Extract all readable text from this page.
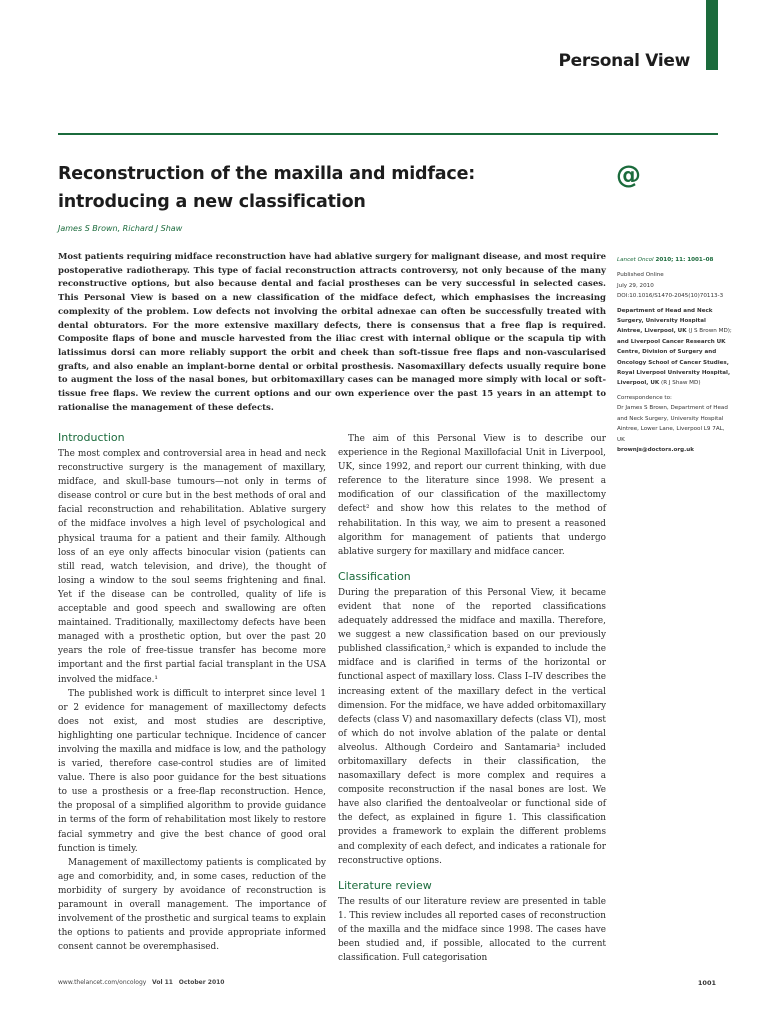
Personal View
Reconstruction of the maxilla and midface: introducing a new classification
@
James S Brown, Richard J Shaw
Most patients requiring midface reconstruction have had ablative surgery for malignant disease, and most require postoperative radiotherapy. This type of facial reconstruction attracts controversy, not only because of the many reconstructive options, but also because dental and facial prostheses can be very successful in selected cases. This Personal View is based on a new classification of the midface defect, which emphasises the increasing complexity of the problem. Low defects not involving the orbital adnexae can often be successfully treated with dental obturators. For the more extensive maxillary defects, there is consensus that a free flap is required. Composite flaps of bone and muscle harvested from the iliac crest with internal oblique or the scapula tip with latissimus dorsi can more reliably support the orbit and cheek than soft-tissue free flaps and non-vascularised grafts, and also enable an implant-borne dental or orbital prosthesis. Nasomaxillary defects usually require bone to augment the loss of the nasal bones, but orbitomaxillary cases can be managed more simply with local or soft-tissue free flaps. We review the current options and our own experience over the past 15 years in an attempt to rationalise the management of these defects.
Lancet Oncol 2010; 11: 1001–08

Published Online
July 29, 2010
DOI:10.1016/S1470-2045(10)70113-3

Department of Head and Neck Surgery, University Hospital Aintree, Liverpool, UK (J S Brown MD); and Liverpool Cancer Research UK Centre, Division of Surgery and Oncology School of Cancer Studies, Royal Liverpool University Hospital, Liverpool, UK (R J Shaw MD)

Correspondence to:
Dr James S Brown, Department of Head and Neck Surgery, University Hospital Aintree, Lower Lane, Liverpool L9 7AL, UK
brownjs@doctors.org.uk

Introduction

The most complex and controversial area in head and neck reconstructive surgery is the management of maxillary, midface, and skull-base tumours—not only in terms of disease control or cure but in the best methods of oral and facial reconstruction and rehabilitation. Ablative surgery of the midface involves a high level of psychological and physical trauma for a patient and their family. Although loss of an eye only affects binocular vision (patients can still read, watch television, and drive), the thought of losing a window to the soul seems frightening and final. Yet if the disease can be controlled, quality of life is acceptable and good speech and swallowing are often maintained. Traditionally, maxillectomy defects have been managed with a prosthetic option, but over the past 20 years the role of free-tissue transfer has become more important and the first partial facial transplant in the USA involved the midface.¹

The published work is difficult to interpret since level 1 or 2 evidence for management of maxillectomy defects does not exist, and most studies are descriptive, highlighting one particular technique. Incidence of cancer involving the maxilla and midface is low, and the pathology is varied, therefore case-control studies are of limited value. There is also poor guidance for the best situations to use a prosthesis or a free-flap reconstruction. Hence, the proposal of a simplified algorithm to provide guidance in terms of the form of rehabilitation most likely to restore facial symmetry and give the best chance of good oral function is timely.

Management of maxillectomy patients is complicated by age and comorbidity, and, in some cases, reduction of the morbidity of surgery by avoidance of reconstruction is paramount in overall management. The importance of involvement of the prosthetic and surgical teams to explain the options to patients and provide appropriate informed consent cannot be overemphasised.

The aim of this Personal View is to describe our experience in the Regional Maxillofacial Unit in Liverpool, UK, since 1992, and report our current thinking, with due reference to the literature since 1998. We present a modification of our classification of the maxillectomy defect² and show how this relates to the method of rehabilitation. In this way, we aim to present a reasoned algorithm for management of patients that undergo ablative surgery for maxillary and midface cancer.

Classification

During the preparation of this Personal View, it became evident that none of the reported classifications adequately addressed the midface and maxilla. Therefore, we suggest a new classification based on our previously published classification,² which is expanded to include the midface and is clarified in terms of the horizontal or functional aspect of maxillary loss. Class I–IV describes the increasing extent of the maxillary defect in the vertical dimension. For the midface, we have added orbitomaxillary defects (class V) and nasomaxillary defects (class VI), most of which do not involve ablation of the palate or dental alveolus. Although Cordeiro and Santamaria³ included orbitomaxillary defects in their classification, the nasomaxillary defect is more complex and requires a composite reconstruction if the nasal bones are lost. We have also clarified the dentoalveolar or functional side of the defect, as explained in figure 1. This classification provides a framework to explain the different problems and complexity of each defect, and indicates a rationale for reconstructive options.

Literature review

The results of our literature review are presented in table 1. This review includes all reported cases of reconstruction of the maxilla and the midface since 1998. The cases have been studied and, if possible, allocated to the current classification. Full categorisation

www.thelancet.com/oncology Vol 11 October 2010	1001
